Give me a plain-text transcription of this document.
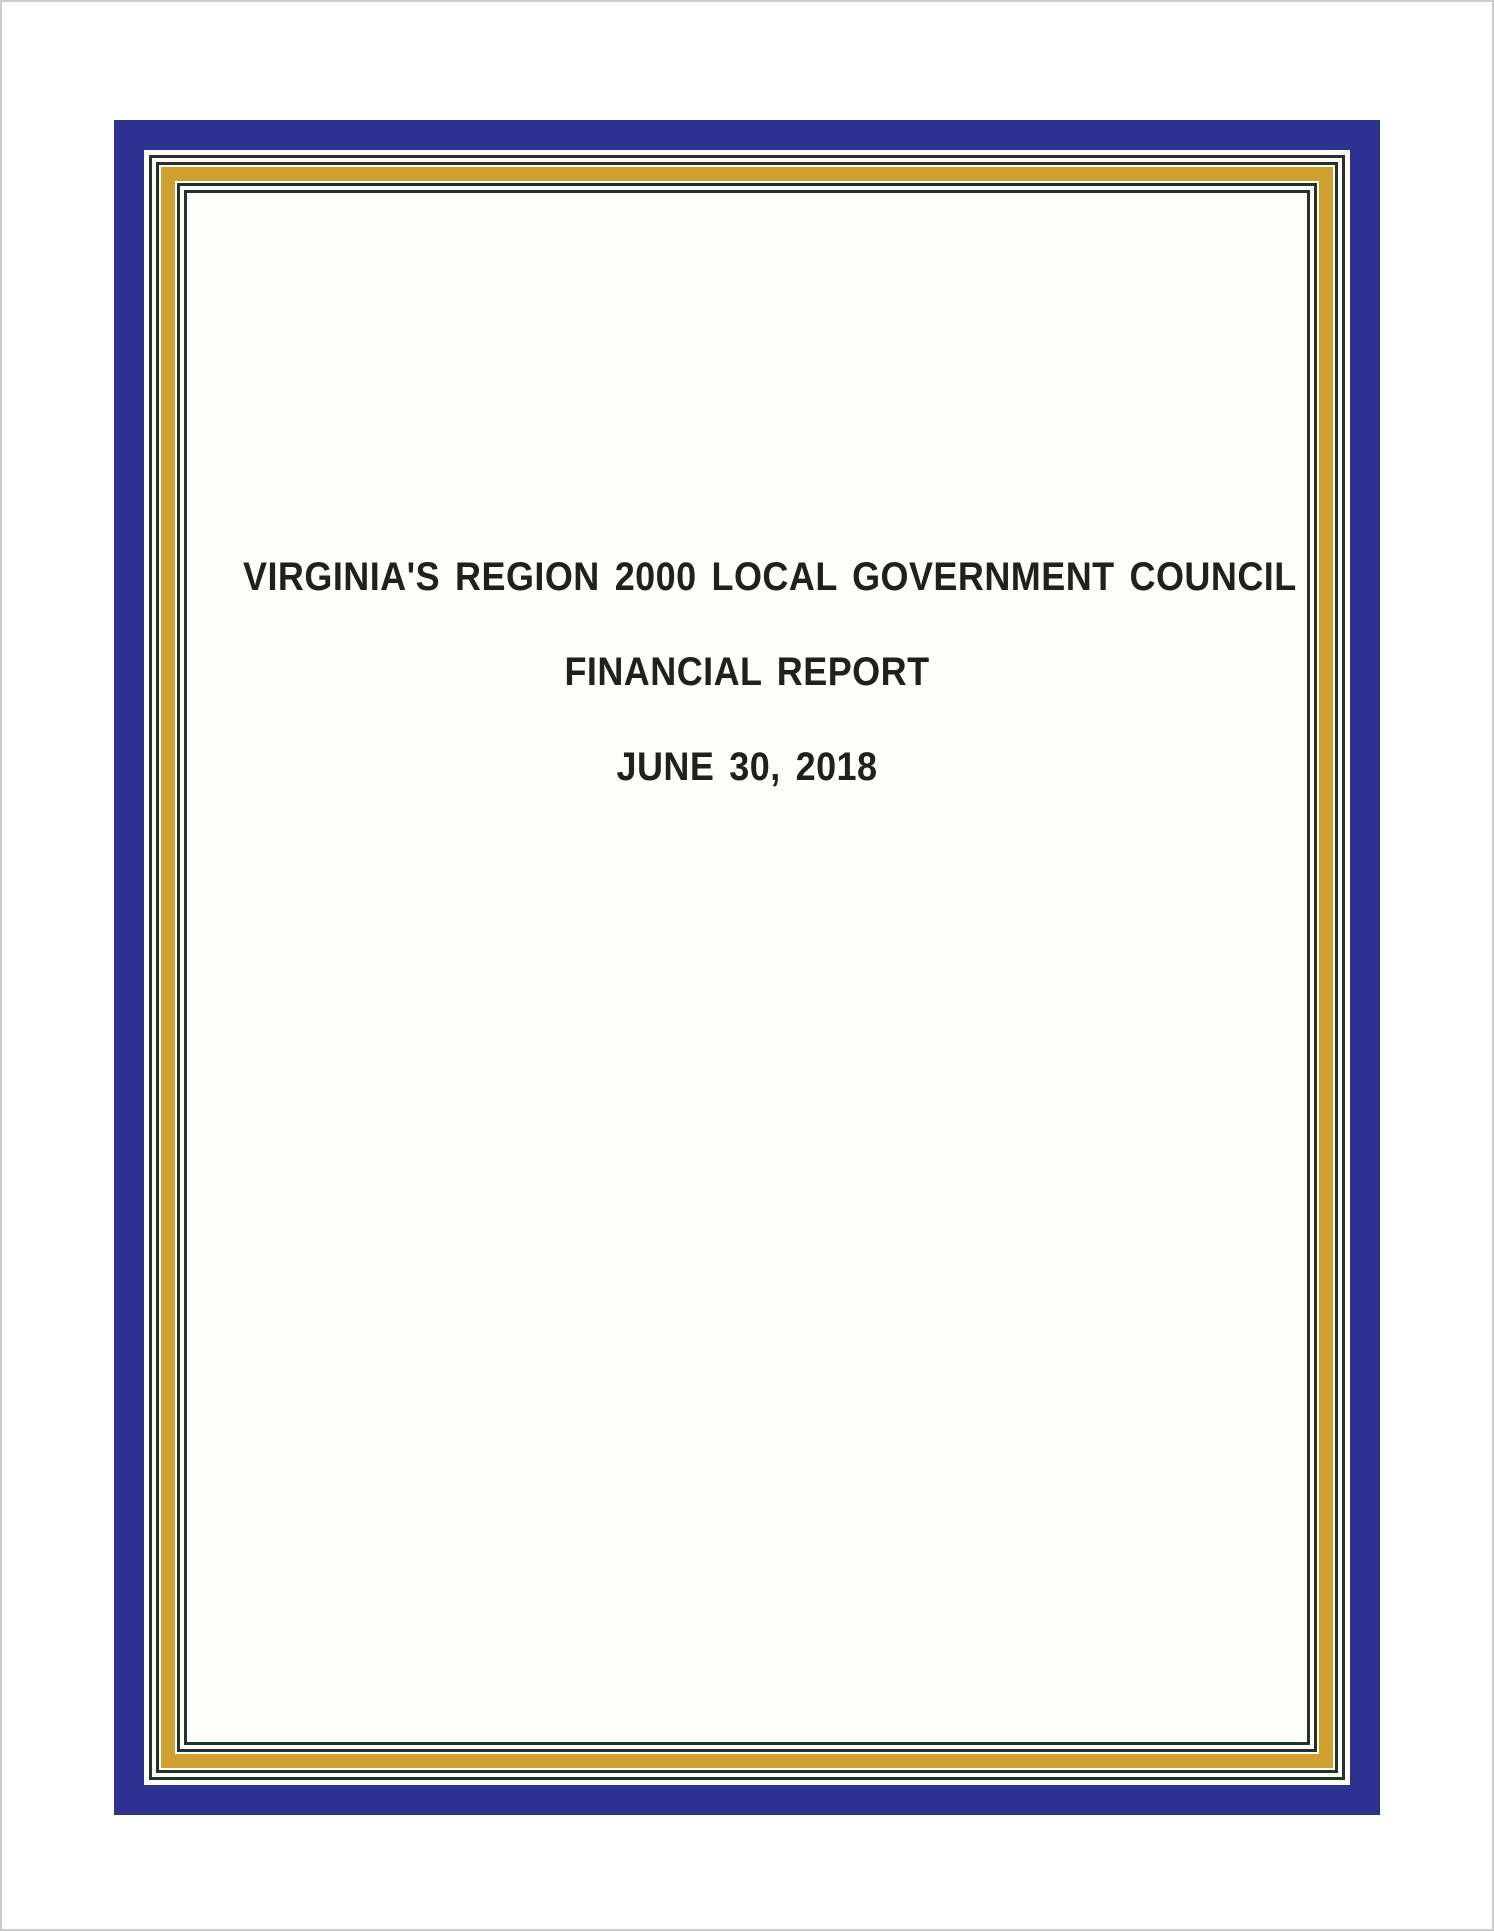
VIRGINIA'S REGION 2000 LOCAL GOVERNMENT COUNCIL
FINANCIAL REPORT
JUNE 30, 2018
